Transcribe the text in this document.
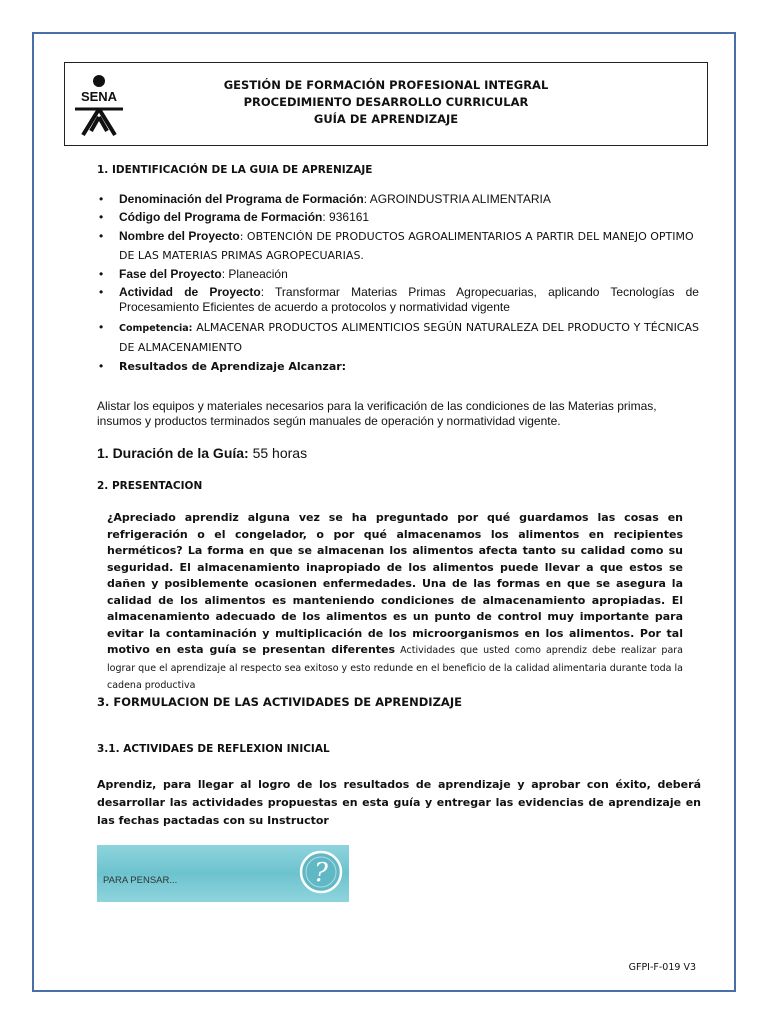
SENA
GESTIÓN DE FORMACIÓN PROFESIONAL INTEGRAL
PROCEDIMIENTO DESARROLLO CURRICULAR
GUÍA DE APRENDIZAJE
1. IDENTIFICACIÓN DE LA GUIA DE APRENIZAJE
• Denominación del Programa de Formación: AGROINDUSTRIA ALIMENTARIA
• Código del Programa de Formación: 936161
• Nombre del Proyecto: OBTENCIÓN DE PRODUCTOS AGROALIMENTARIOS A PARTIR DEL MANEJO OPTIMO DE LAS MATERIAS PRIMAS AGROPECUARIAS.
• Fase del Proyecto: Planeación
• Actividad de Proyecto: Transformar Materias Primas Agropecuarias, aplicando Tecnologías de Procesamiento Eficientes de acuerdo a protocolos y normatividad vigente
• Competencia: ALMACENAR PRODUCTOS ALIMENTICIOS SEGÚN NATURALEZA DEL PRODUCTO Y TÉCNICAS DE ALMACENAMIENTO
• Resultados de Aprendizaje Alcanzar:
Alistar los equipos y materiales necesarios para la verificación de las condiciones de las Materias primas, insumos y productos terminados según manuales de operación y normatividad vigente.
1. Duración de la Guía: 55 horas
2. PRESENTACION
¿Apreciado aprendiz alguna vez se ha preguntado por qué guardamos las cosas en refrigeración o el congelador, o por qué almacenamos los alimentos en recipientes herméticos? La forma en que se almacenan los alimentos afecta tanto su calidad como su seguridad. El almacenamiento inapropiado de los alimentos puede llevar a que estos se dañen y posiblemente ocasionen enfermedades. Una de las formas en que se asegura la calidad de los alimentos es manteniendo condiciones de almacenamiento apropiadas. El almacenamiento adecuado de los alimentos es un punto de control muy importante para evitar la contaminación y multiplicación de los microorganismos en los alimentos. Por tal motivo en esta guía se presentan diferentes Actividades que usted como aprendiz debe realizar para lograr que el aprendizaje al respecto sea exitoso y esto redunde en el beneficio de la calidad alimentaria durante toda la cadena productiva
3. FORMULACION DE LAS ACTIVIDADES DE APRENDIZAJE
3.1. ACTIVIDAES DE REFLEXION INICIAL
Aprendiz, para llegar al logro de los resultados de aprendizaje y aprobar con éxito, deberá desarrollar las actividades propuestas en esta guía y entregar las evidencias de aprendizaje en las fechas pactadas con su Instructor
PARA PENSAR...	?
GFPI-F-019 V3
